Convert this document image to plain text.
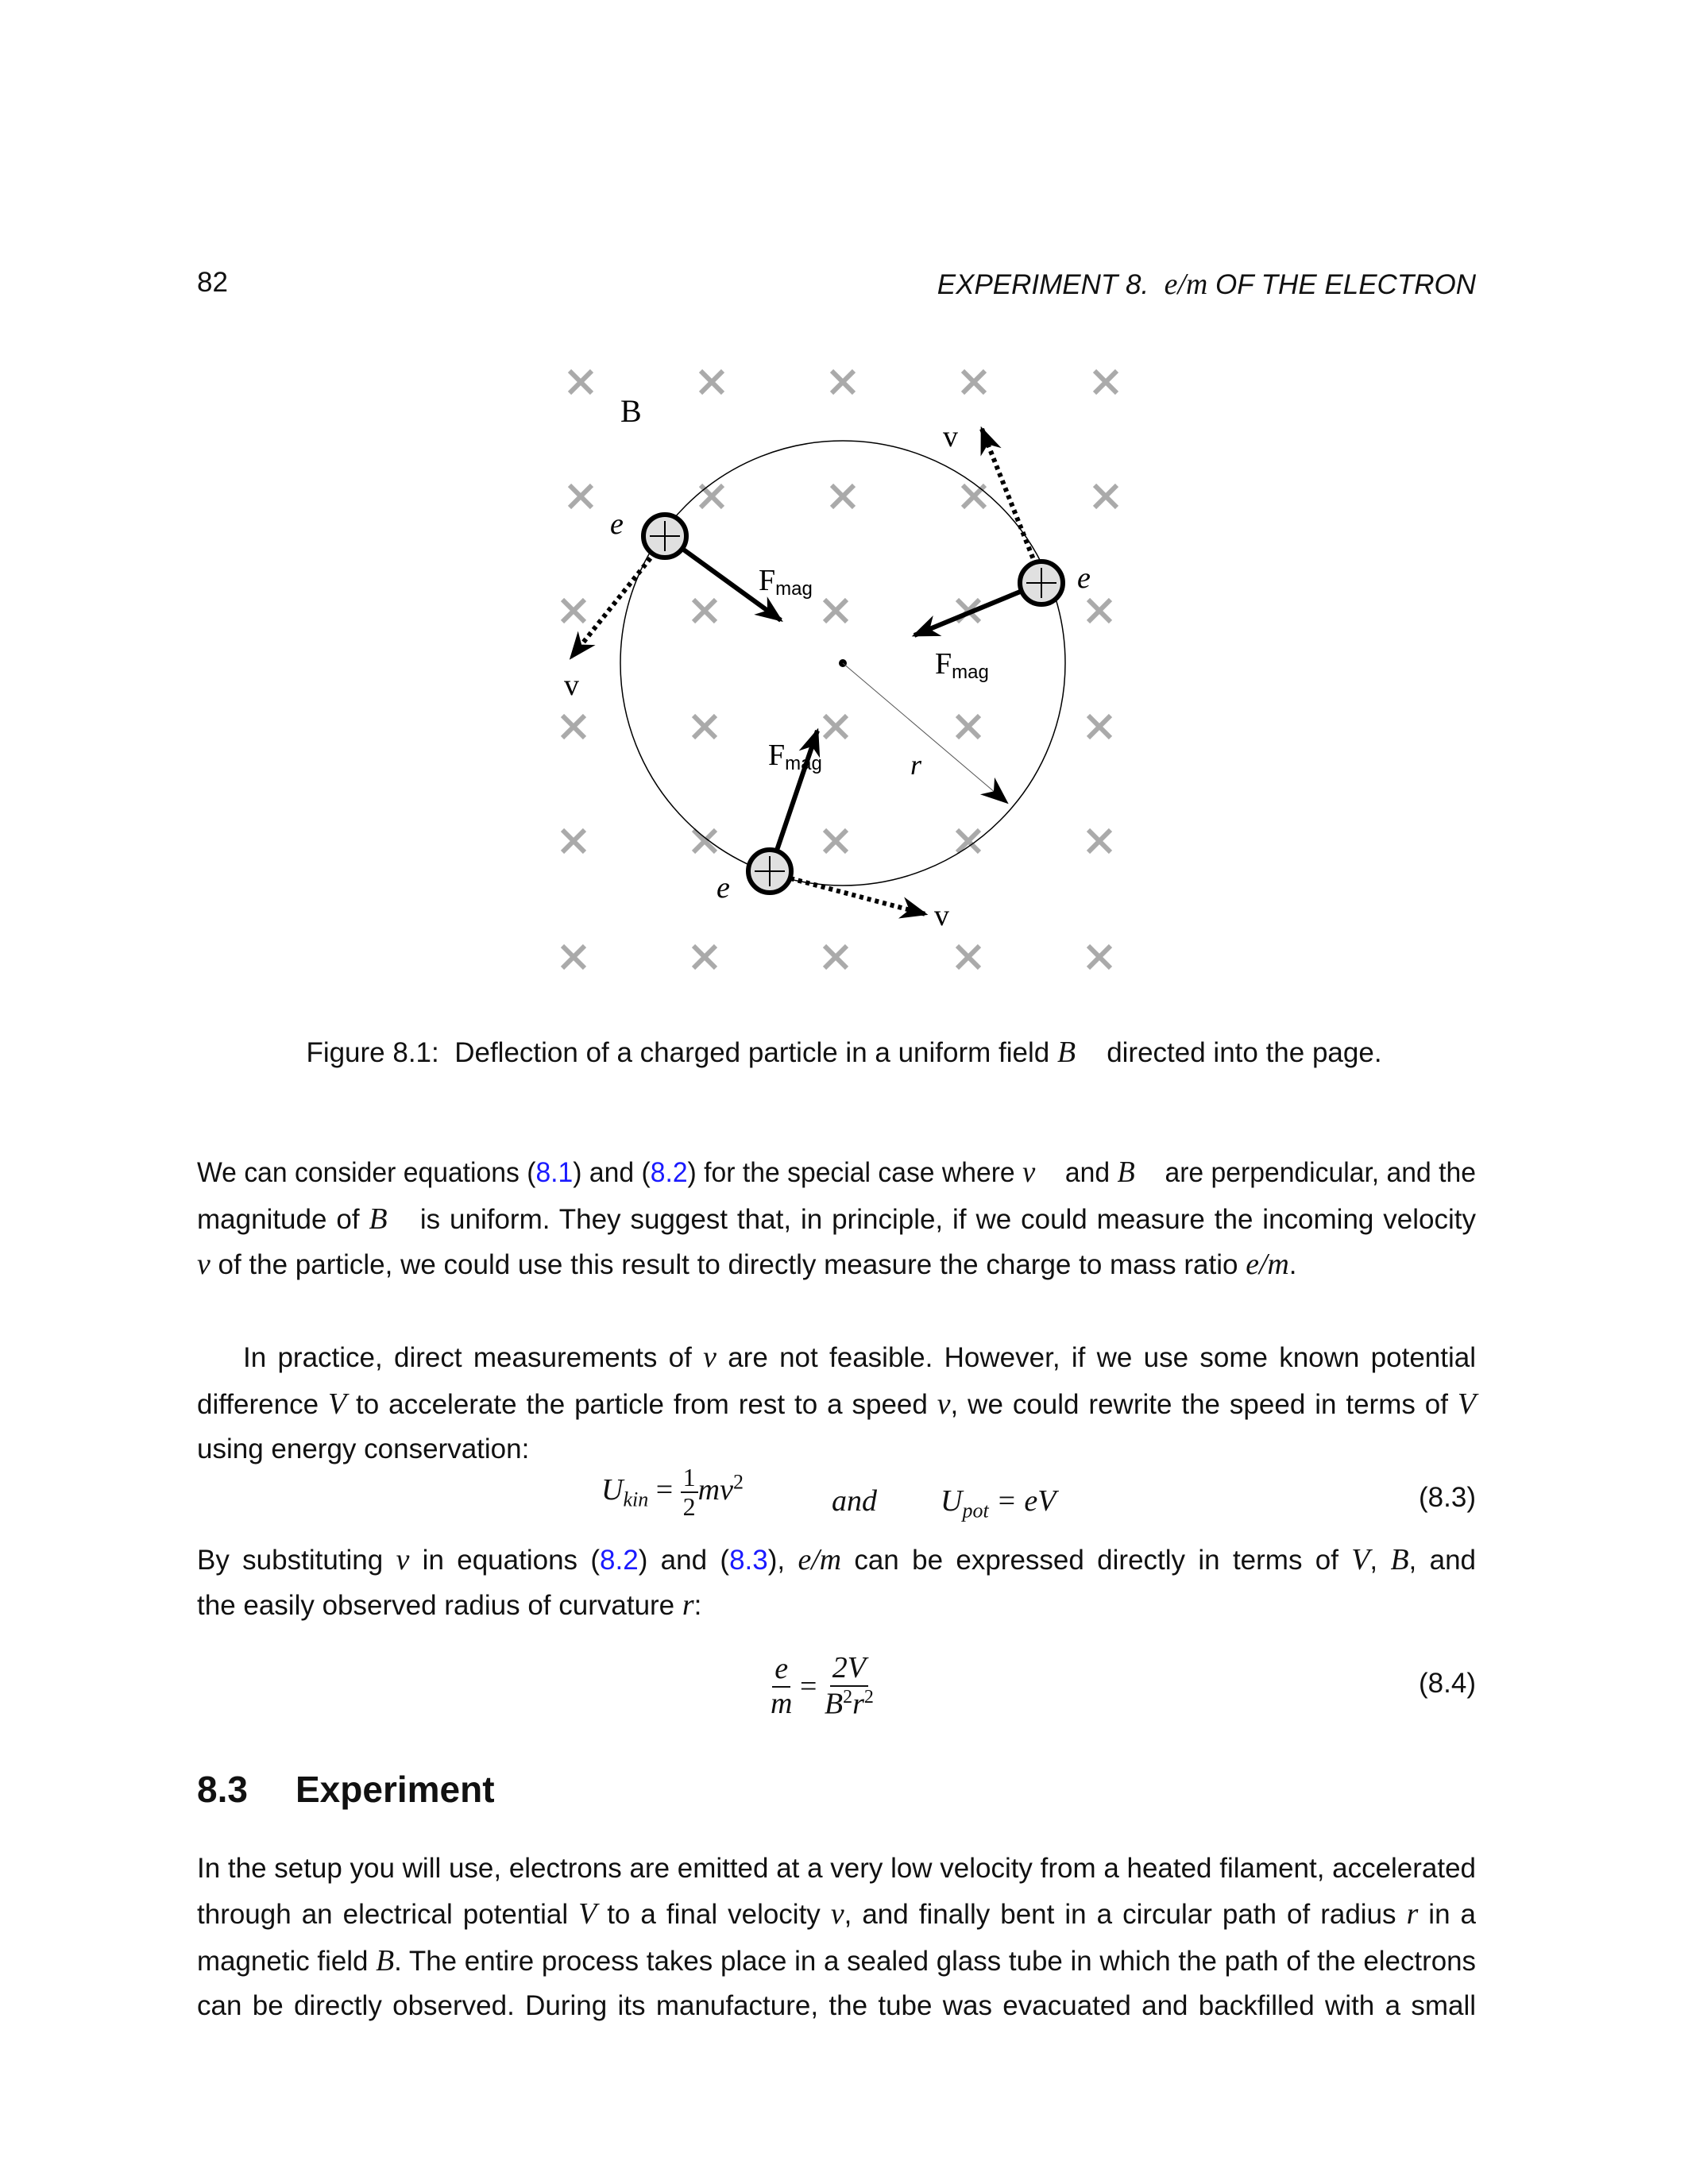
82	EXPERIMENT 8. e/m OF THE ELECTRON
r
B
e
v
Fmag	e
v
Fmag
Fmag
e
v
Figure 8.1: Deflection of a charged particle in a uniform field B⃗ directed into the page.
We can consider equations (8.1) and (8.2) for the special case where v⃗ and B⃗ are perpendicular, and the
magnitude of B⃗ is uniform. They suggest that, in principle, if we could measure the incoming velocity
v of the particle, we could use this result to directly measure the charge to mass ratio e/m.
In practice, direct measurements of v are not feasible. However, if we use some known potential
difference V to accelerate the particle from rest to a speed v, we could rewrite the speed in terms of V
using energy conservation:
By substituting v in equations (8.2) and (8.3), e/m can be expressed directly in terms of V, B, and
the easily observed radius of curvature r:
In the setup you will use, electrons are emitted at a very low velocity from a heated filament, accelerated
through an electrical potential V to a final velocity v, and finally bent in a circular path of radius r in a
magnetic field B. The entire process takes place in a sealed glass tube in which the path of the electrons
can be directly observed. During its manufacture, the tube was evacuated and backfilled with a small
$U_{kin} = \frac{1}{2} mv^2$
and $U_{pot}$ = eV	(8.3)
$\frac{e}{m} = \frac{2V}{B^2r^2}$	(8.4)
8.3 Experiment
